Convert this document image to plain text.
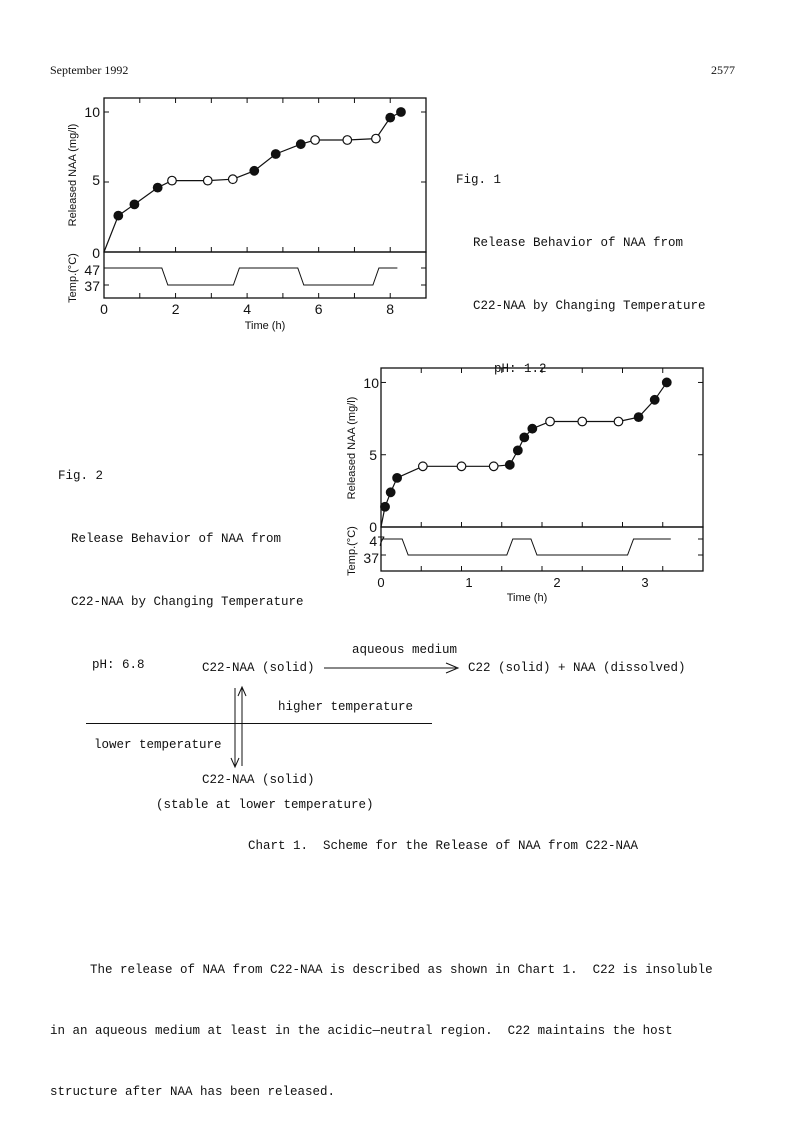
September 1992	2577
10
5
0
47
37
0	2	4	6	8
Time (h)
Released NAA (mg/l)
Temp.(°C)

Fig. 1

Release Behavior of NAA from

C22-NAA by Changing Temperature

pH: 1.2

Fig. 2

Release Behavior of NAA from

C22-NAA by Changing Temperature

pH: 6.8

10
5
0
47
37
0	1	2	3
Time (h)
Released NAA (mg/l)
Temp.(°C)
aqueous medium
C22-NAA (solid)	C22 (solid) + NAA (dissolved)
higher temperature
lower temperature
C22-NAA (solid)
(stable at lower temperature)
Chart 1.  Scheme for the Release of NAA from C22-NAA

The release of NAA from C22-NAA is described as shown in Chart 1.  C22 is insoluble

in an aqueous medium at least in the acidic—neutral region.  C22 maintains the host

structure after NAA has been released.
